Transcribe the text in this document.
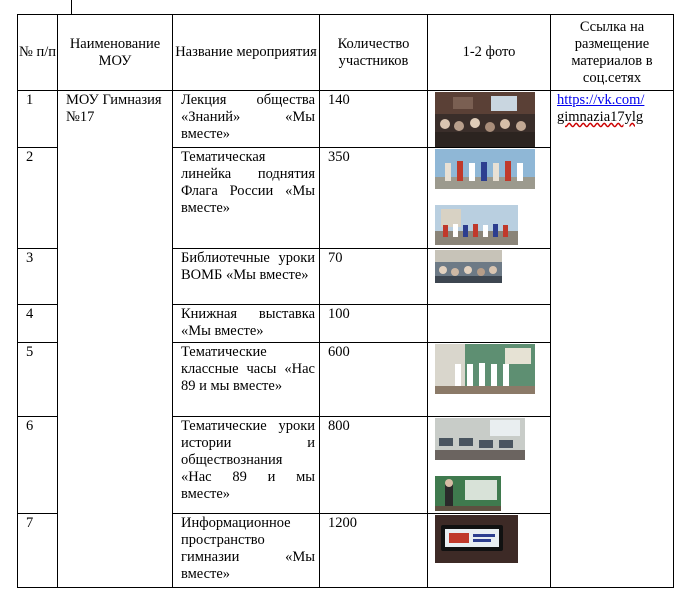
№ п/п	Наименование МОУ	Название мероприятия	Количество участников	1-2 фото	Ссылка на размещение материалов в соц.сетях

1	МОУ Гимназия №17	Лекция общества «Знаний» «Мы вместе»	140		https://vk.com/
gimnazia17ylg

2		Тематическая линейка поднятия Флага России «Мы вместе»	350

3		Библиотечные уроки ВОМБ «Мы вместе»	70

4		Книжная выставка «Мы вместе»	100		

5		Тематические классные часы «Нас 89 и мы вместе»	600

6		Тематические уроки истории и обществознания «Нас 89 и мы вместе»	800

7		Информационное пространство гимназии «Мы вместе»	1200
